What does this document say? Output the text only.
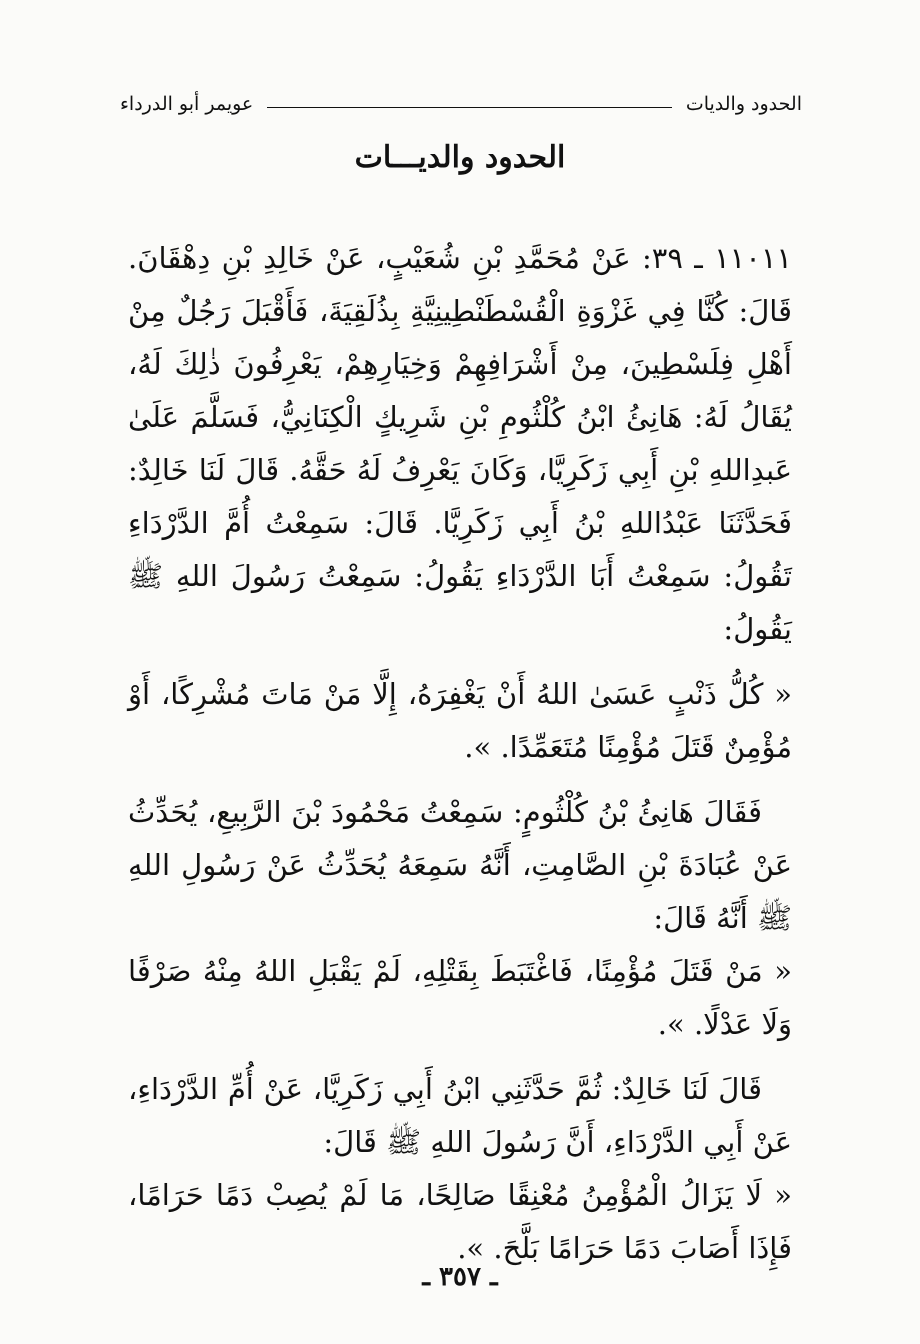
الحدود والديات
عويمر أبو الدرداء
الحدود والديـــات

١١٠١١ ـ ٣٩: عَنْ مُحَمَّدِ بْنِ شُعَيْبٍ، عَنْ خَالِدِ بْنِ دِهْقَانَ. قَالَ: كُنَّا فِي غَزْوَةِ الْقُسْطَنْطِينِيَّةِ بِذُلَقِيَةَ، فَأَقْبَلَ رَجُلٌ مِنْ أَهْلِ فِلَسْطِينَ، مِنْ أَشْرَافِهِمْ وَخِيَارِهِمْ، يَعْرِفُونَ ذٰلِكَ لَهُ، يُقَالُ لَهُ: هَانِئُ ابْنُ كُلْثُومِ بْنِ شَرِيكٍ الْكِنَانِيُّ، فَسَلَّمَ عَلَىٰ عَبدِاللهِ بْنِ أَبِي زَكَرِيَّا، وَكَانَ يَعْرِفُ لَهُ حَقَّهُ. قَالَ لَنَا خَالِدٌ: فَحَدَّثَنَا عَبْدُاللهِ بْنُ أَبِي زَكَرِيَّا. قَالَ: سَمِعْتُ أُمَّ الدَّرْدَاءِ تَقُولُ: سَمِعْتُ أَبَا الدَّرْدَاءِ يَقُولُ: سَمِعْتُ رَسُولَ اللهِ ﷺ يَقُولُ:

« كُلُّ ذَنْبٍ عَسَىٰ اللهُ أَنْ يَغْفِرَهُ، إِلَّا مَنْ مَاتَ مُشْرِكًا، أَوْ مُؤْمِنٌ قَتَلَ مُؤْمِنًا مُتَعَمِّدًا. ».

فَقَالَ هَانِئُ بْنُ كُلْثُومٍ: سَمِعْتُ مَحْمُودَ بْنَ الرَّبِيعِ، يُحَدِّثُ عَنْ عُبَادَةَ بْنِ الصَّامِتِ، أَنَّهُ سَمِعَهُ يُحَدِّثُ عَنْ رَسُولِ اللهِ ﷺ أَنَّهُ قَالَ:

« مَنْ قَتَلَ مُؤْمِنًا، فَاغْتَبَطَ بِقَتْلِهِ، لَمْ يَقْبَلِ اللهُ مِنْهُ صَرْفًا وَلَا عَدْلًا. ».

قَالَ لَنَا خَالِدٌ: ثُمَّ حَدَّثَنِي ابْنُ أَبِي زَكَرِيَّا، عَنْ أُمِّ الدَّرْدَاءِ، عَنْ أَبِي الدَّرْدَاءِ، أَنَّ رَسُولَ اللهِ ﷺ قَالَ:

« لَا يَزَالُ الْمُؤْمِنُ مُعْنِقًا صَالِحًا، مَا لَمْ يُصِبْ دَمًا حَرَامًا، فَإِذَا أَصَابَ دَمًا حَرَامًا بَلَّحَ. ».

ـ ٣٥٧ ـ
